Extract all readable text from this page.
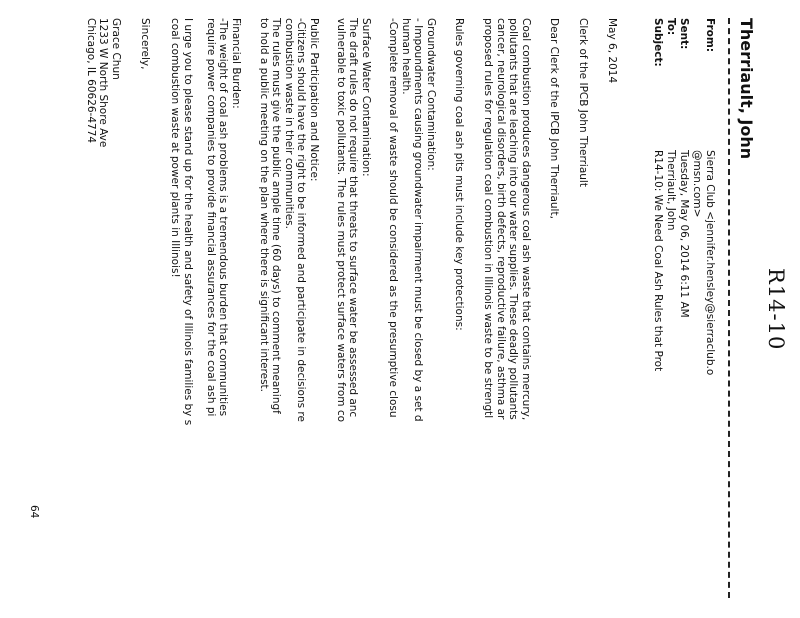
R14-10
Therriault, John
From:
Sierra Club <jennifer.hensley@sierraclub.o
@msn.com>
Sent:
Tuesday, May 06, 2014 6:11 AM
To:
Therriault, John
Subject:
R14-10: We Need Coal Ash Rules that Prot
May 6, 2014
Clerk of the IPCB John Therriault
Dear Clerk of the IPCB John Therriault,

Coal combustion produces dangerous coal ash waste that contains mercury,

pollutants that are leaching into our water supplies. These deadly pollutants

cancer, neurological disorders, birth defects, reproductive failure, asthma ar

proposed rules for regulation coal combustion in Illinois waste to be strengtl

Rules governing coal ash pits must include key protections:

Groundwater Contamination:

- Impoundments causing groundwater impairment must be closed by a set d

human health.

-Complete removal of waste should be considered as the presumptive closu

Surface Water Contamination:

The draft rules do not require that threats to surface water be assessed anc

vulnerable to toxic pollutants. The rules must protect surface waters from co

Public Participation and Notice:

-Citizens should have the right to be informed and participate in decisions re

combustion waste in their communities.

The rules must give the public ample time (60 days) to comment meaningf

to hold a public meeting on the plan where there is significant interest.

Financial Burden:

-The weight of coal ash problems is a tremendous burden that communities

require power companies to provide financial assurances for the coal ash pi

I urge you to please stand up for the health and safety of Illinois families by s

coal combustion waste at power plants in Illinois!

Sincerely,

Grace Chun

1233 W North Shore Ave

Chicago, IL 60626-4774

64
